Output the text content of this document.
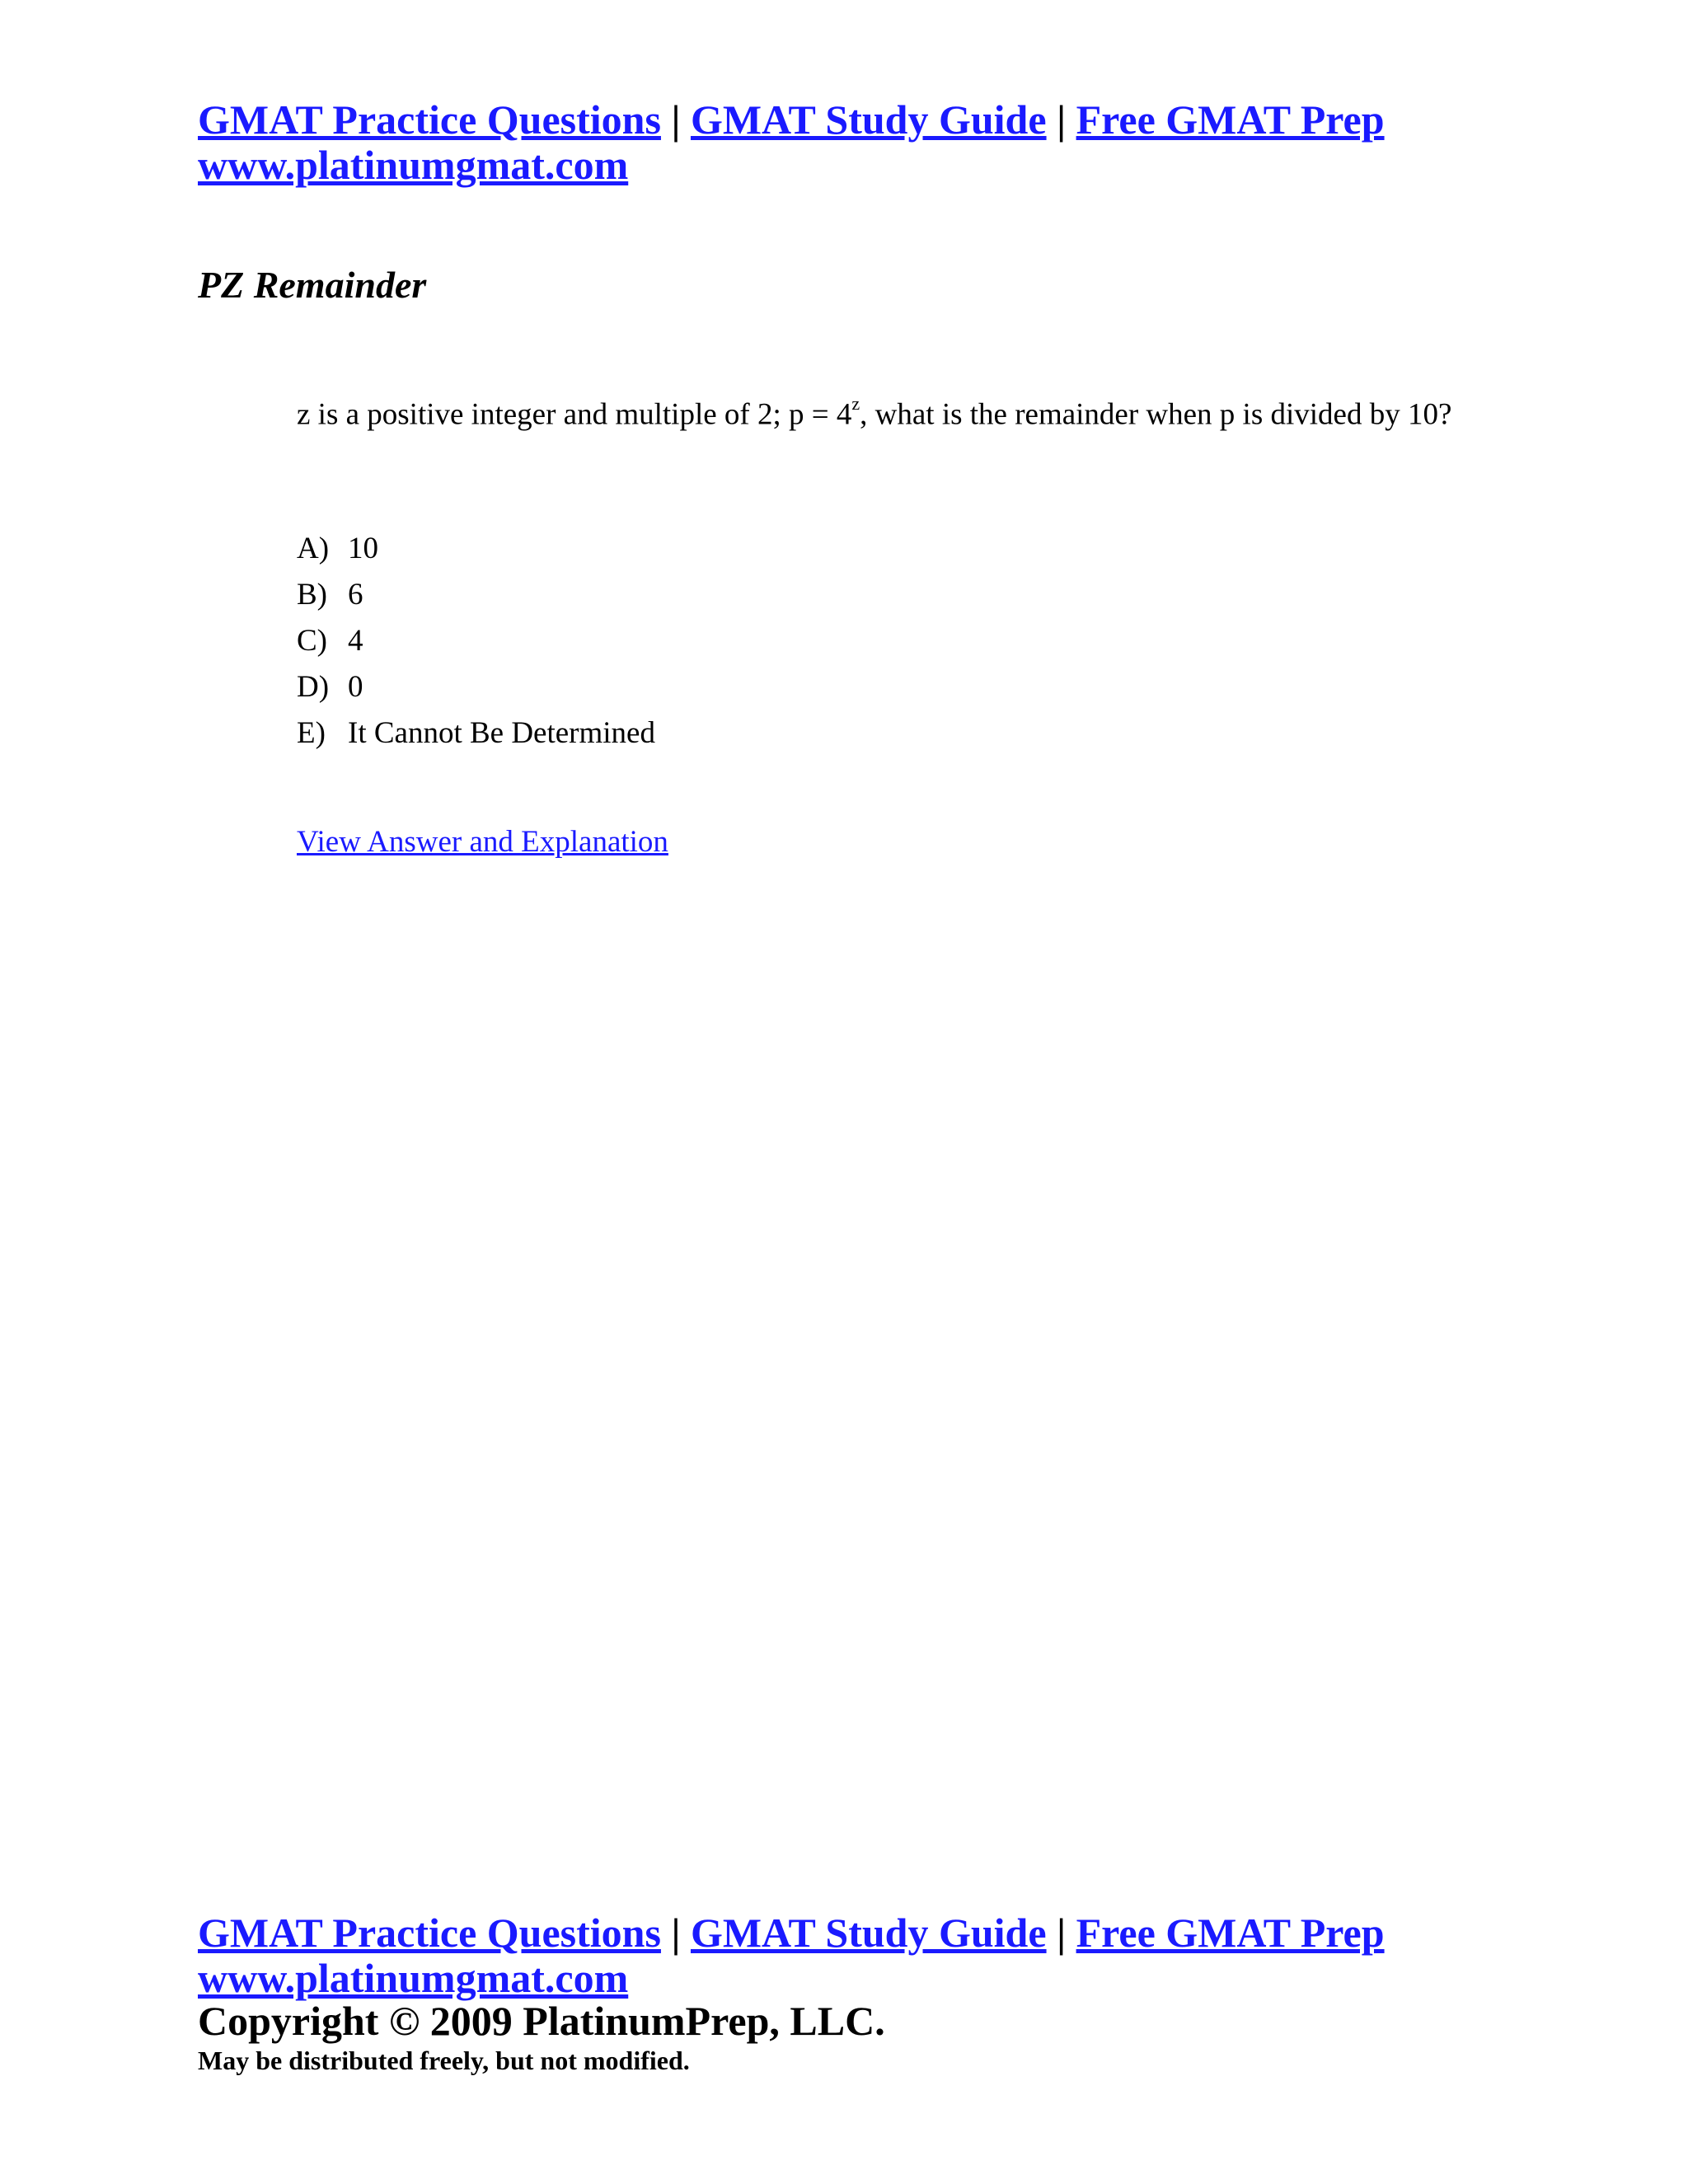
GMAT Practice Questions | GMAT Study Guide | Free GMAT Prep
www.platinumgmat.com
PZ Remainder
z is a positive integer and multiple of 2; $p = 4^z$, what is the remainder when p is divided by 10?
A) 10
B) 6
C) 4
D) 0
E) It Cannot Be Determined
View Answer and Explanation
GMAT Practice Questions | GMAT Study Guide | Free GMAT Prep
www.platinumgmat.com
Copyright © 2009 PlatinumPrep, LLC.
May be distributed freely, but not modified.
